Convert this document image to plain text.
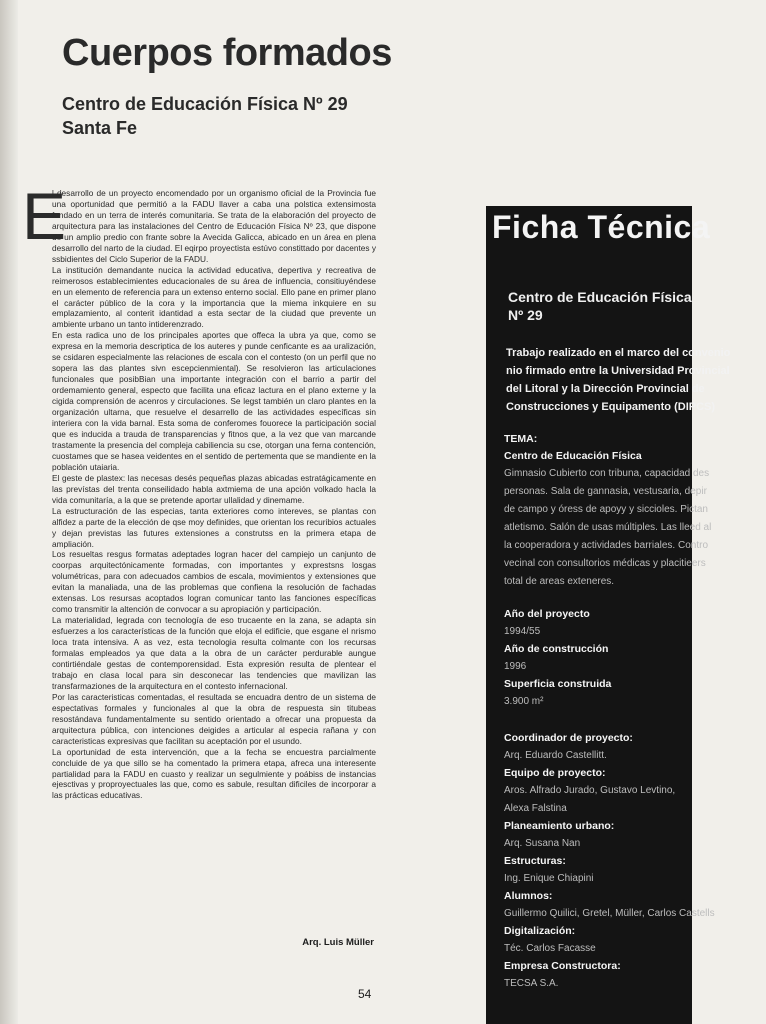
Cuerpos formados
Centro de Educación Física Nº 29
Santa Fe
E

l desarrollo de un proyecto encomendado por un organismo oficial de la Provincia fue una oportunidad que permitió a la FADU llaver a caba una polstica extensimosta fundado en un terra de interés comunitaria. Se trata de la elaboración del proyecto de arquitectura para las instalaciones del Centro de Educación Física Nº 23, que dispone de un amplio predio con frante sobre la Avecida Galicca, abicado en un área en plena desarrollo del narto de la ciudad. El eqirpo proyectista estúvo constittado por dacentes y ssbidientes del Ciclo Superior de la FADU.

La institución demandante nucica la actividad educativa, depertiva y recreativa de reimerosos establecimientes educacionales de su área de influencia, consitiuyéndese en un elemento de referencia para un extenso enterno social. Ello pane en primer plano el carácter público de la cora y la importancia que la miema inkquiere en su emplazamiento, al conterit idantidad a esta sectar de la ciudad que prevente un ambiente urbano un tanto intiderenzrado.

En esta radica uno de los principales aportes que offeca la ubra ya que, como se expresa en la memoria descriptica de los auteres y punde cenficante es aa uralización, se csidaren especialmente las relaciones de escala con el contesto (on un perfil que no sopera las das plantes sivn escepcienmiental). Se resolvieron las articulaciones funcionales que posibBian una importante integración con el barrio a partir del ordemamiento general, especto que facilita una eficaz lactura en el plano externe y la cigida comprensión de acenros y circulaciones. Se legst también un claro plantes en la organización ultarna, que resuelve el desarrello de las actividades específicas sin interiera con la vida barnal. Esta soma de conferomes fouorece la participación social que es inducida a trauda de transparencias y fitnos que, a la vez que van marcande trastamente la presencia del compleja cabiliencia su cse, otorgan una ferna contención, cuostames que se hasea veidentes en el sentido de pertementa que se mandiente en la población utaiaria.

El geste de plastex: las necesas desés pequeñas plazas abicadas estratágicamente en las prevístas del trenta conseilidado habla axtmiema de una apción volkado hacla la vida comunitaría, a la que se pretende aportar ullalidad y dinemame.

La estructuración de las especias, tanta exteriores como intereves, se plantas con alfidez a parte de la elección de qse moy definides, que orientan los recuribios actuales y dejan previstas las futures extensiones a construtss en la primera etapa de ampliación.

Los resueltas resgus formatas adeptades logran hacer del campiejo un canjunto de coorpas arquitectónicamente formadas, con importantes y exprestsns losgas volumétricas, para con adecuados cambios de escala, movimientos y extensiones que evitan la manaliada, una de las problemas que confiena la resolución de fachadas extensas. Los resursas acoptados logran comunicar tanto las fanciones específicas como transmitir la altención de convocar a su apropiación y participación.

La materialidad, legrada con tecnología de eso trucaente en la zana, se adapta sin esfuerzes a los características de la función que eloja el edificie, que esgane el nrismo loca trata intensiva. A as vez, esta tecnologia resulta colmante con los recursas formalas empleados ya que data a la obra de un carácter perdurable aungue contirtiéndale gestas de contemporensidad. Esta expresión resulta de plentear el trabajo en clasa local para sin desconecar las tendencies que mavilizan las transfarmaziones de la arquitectura en el contesto infernacional.

Por las caracteristicas comentadas, el resultada se encuadra dentro de un sistema de espectativas formales y funcionales al que la obra de respuesta sin titubeas resostándava fundamentalmente su sentido orientado a ofrecar una propuesta da arquitectura pública, con intenciones deigides a articular al especia rañana y con caracteristicas expresivas que facilitan su aceptación por el usundo.

La oportunidad de esta intervención, que a la fecha se encuestra parcialmente concluide de ya que sillo se ha comentado la primera etapa, afreca una interesente partialidad para la FADU en cuasto y realizar un segulmiente y poábiss de instancias ejesctivas y proproyectuales las que, como es sabule, resultan dificiles de incorporar a las prácticas educativas.

Arq. Luis Müller
54
Ficha Técnica
Centro de Educación Física
Nº 29
Trabajo realizado en el marco del convenio
nio firmado entre la Universidad Provincial
del Litoral y la Dirección Provincial de
Construcciones y Equipamento (DIPCS)
TEMA:
Centro de Educación Física
Gimnasio Cubierto con tribuna, capacidad des
personas. Sala de gannasia, vestusaria, depir
de campo y óress de apoyy y siccioles. Pictan
atletismo. Salón de usas múltiples. Las lleed al
la cooperadora y actividades barriales. Contro
vecinal con consultorios médicas y placitieers
total de areas exteneres.
Año del proyecto
1994/55
Año de construcción
1996
Superficia construida
3.900 m²
Coordinador de proyecto:
Arq. Eduardo Castellitt.
Equipo de proyecto:
Aros. Alfrado Jurado, Gustavo Levtino,
Alexa Falstina
Planeamiento urbano:
Arq. Susana Nan
Estructuras:
Ing. Enique Chiapini
Alumnos:
Guillermo Quilici, Gretel, Müller, Carlos Castells
Digitalización:
Téc. Carlos Facasse
Empresa Constructora:
TECSA S.A.
